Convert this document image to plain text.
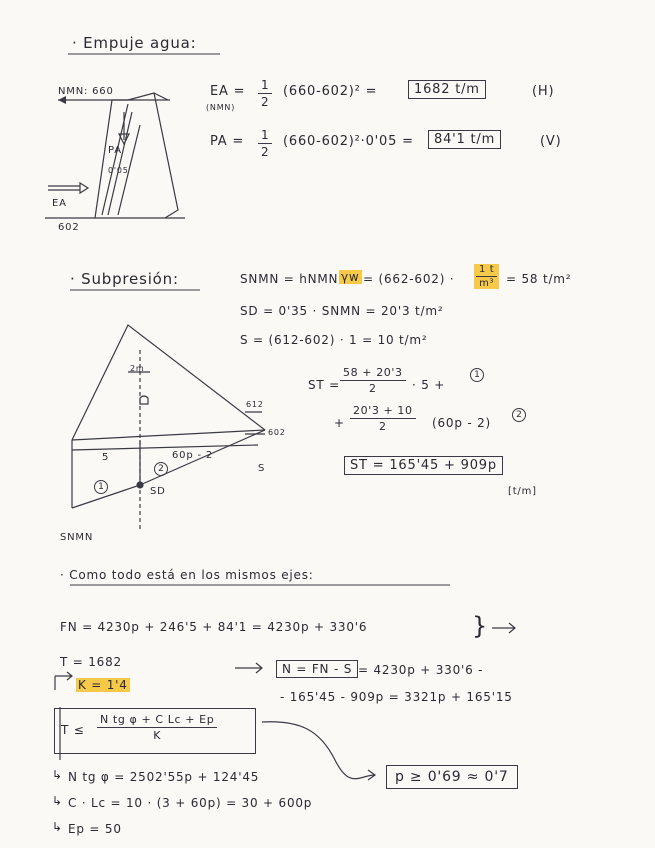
· Empuje agua:
NMN: 660
PA
0'05
EA
602
EA =
$(NMN) \frac{1}{2} (660-602)^2$ =	1682 t/m	(H)
PA = $\frac{1}{2} (660-602)^2\cdot 0'05$ =	84'1 t/m	(V)
· Subpresión:	SNMN = hNMN $\gamma w = (662-602) \cdot \frac{1 t}{\text{m³}} = 58$ t/m²
SD = 0'35 · SNMN = 20'3 t/m²
S = (612-602) · 1 = 10 t/m²
2m
612
602
5	60p - 2
S
SD
SNMN
1
2
ST = $\frac{58 + 20'3}{2} \cdot 5$ +
1
+ $\frac{20'3 + 10}{2} (60p - 2)$
2
ST = 165'45 + 909p
[t/m]
· Como todo está en los mismos ejes:
FN = 4230p + 246'5 + 84'1 = 4230p + 330'6	}
T = 1682
K = 1'4
N = FN - S = 4230p + 330'6 -
- 165'45 - 909p = 3321p + 165'15
$T \le \frac{\text{N tg φ + C Lc + Ep}}{K}$
p ≥ 0'69 ≈ 0'7
N tg φ = 2502'55p + 124'45
C · Lc = 10 · (3 + 60p) = 30 + 600p
Ep = 50
↳
↳
↳
